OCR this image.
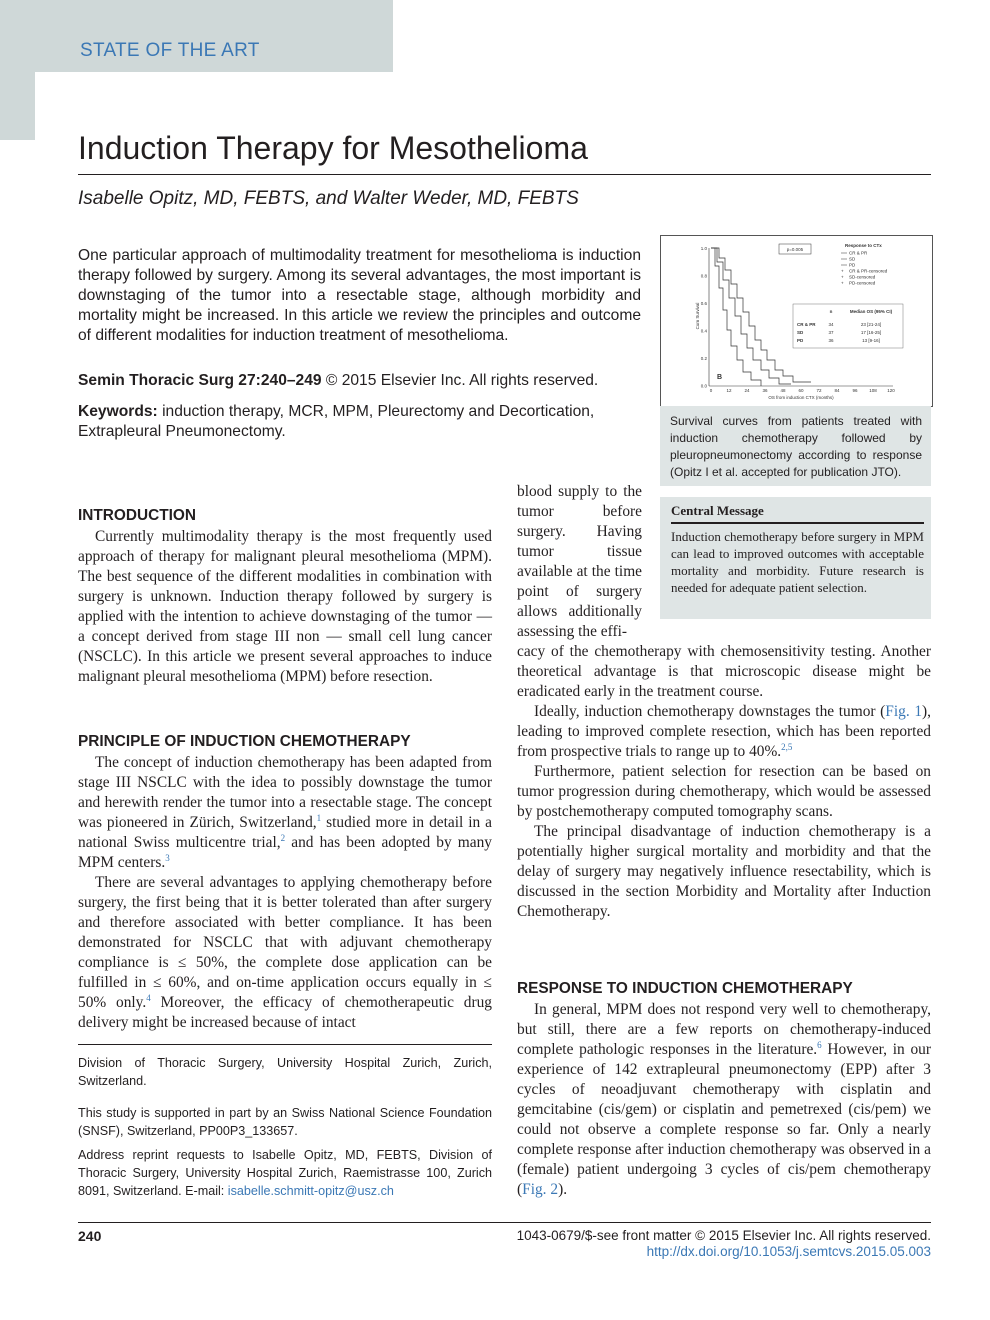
STATE OF THE ART
Induction Therapy for Mesothelioma
Isabelle Opitz, MD, FEBTS, and Walter Weder, MD, FEBTS
One particular approach of multimodality treatment for mesothelioma is induction therapy followed by surgery. Among its several advantages, the most important is downstaging of the tumor into a resectable stage, although morbidity and mortality might be increased. In this article we review the principles and outcome of different modalities for induction treatment of mesothelioma.
Semin Thoracic Surg 27:240–249 © 2015 Elsevier Inc. All rights reserved.
Keywords: induction therapy, MCR, MPM, Pleurectomy and Decortication, Extrapleural Pneumonectomy.
0.0
0.2
0.4
0.6
0.8
1.0
0	12	24	36	48	60	72	84	96	108 120
OS from induction CTX (months)
Cum Survival
p=0.005
Response to CTx
CR & PR
SD
PD
+ CR & PR-censored
+ SD-censored
+ PD-censored
n	Median OS (95% CI)
CR & PR	34	23 [21-24]
SD	37	17 [16-25]
PD	36	13 [9-16]
B
Survival curves from patients treated with induction chemotherapy followed by pleuropneumonectomy according to response (Opitz I et al. accepted for publication JTO).
Central Message
Induction chemotherapy before surgery in MPM can lead to improved outcomes with acceptable mortality and morbidity. Future research is needed for adequate patient selection.
INTRODUCTION

Currently multimodality therapy is the most frequently used approach of therapy for malignant pleural mesothelioma (MPM). The best sequence of the different modalities in combination with surgery is unknown. Induction therapy followed by surgery is applied with the intention to achieve downstaging of the tumor — a concept derived from stage III non — small cell lung cancer (NSCLC). In this article we present several approaches to induce malignant pleural mesothelioma (MPM) before resection.

PRINCIPLE OF INDUCTION CHEMOTHERAPY

The concept of induction chemotherapy has been adapted from stage III NSCLC with the idea to possibly downstage the tumor and herewith render the tumor into a resectable stage. The concept was pioneered in Zürich, Switzerland,$^1$ studied more in detail in a national Swiss multicentre trial,$^2$ and has been adopted by many MPM centers.$^3$

There are several advantages to applying chemotherapy before surgery, the first being that it is better tolerated than after surgery and therefore associated with better compliance. It has been demonstrated for NSCLC that with adjuvant chemotherapy compliance is ≤ 50%, the complete dose application can be fulfilled in ≤ 60%, and on-time application occurs equally in ≤ 50% only.$^4$ Moreover, the efficacy of chemotherapeutic drug delivery might be increased because of intact

Division of Thoracic Surgery, University Hospital Zurich, Zurich, Switzerland.
This study is supported in part by an Swiss National Science Foundation (SNSF), Switzerland, PP00P3_133657.
Address reprint requests to Isabelle Opitz, MD, FEBTS, Division of Thoracic Surgery, University Hospital Zurich, Raemistrasse 100, Zurich 8091, Switzerland. E-mail: isabelle.schmitt-opitz@usz.ch

blood supply to the tumor before surgery. Having tumor tissue available at the time point of surgery allows additionally assessing the effi-

cacy of the chemotherapy with chemosensitivity testing. Another theoretical advantage is that microscopic disease might be eradicated early in the treatment course.

Ideally, induction chemotherapy downstages the tumor (Fig. 1), leading to improved complete resection, which has been reported from prospective trials to range up to 40%.$^{2,5}$

Furthermore, patient selection for resection can be based on tumor progression during chemotherapy, which would be assessed by postchemotherapy computed tomography scans.

The principal disadvantage of induction chemotherapy is a potentially higher surgical mortality and morbidity and that the delay of surgery may negatively influence resectability, which is discussed in the section Morbidity and Mortality after Induction Chemotherapy.

RESPONSE TO INDUCTION CHEMOTHERAPY

In general, MPM does not respond very well to chemotherapy, but still, there are a few reports on chemotherapy-induced complete pathologic responses in the literature.$^6$ However, in our experience of 142 extrapleural pneumonectomy (EPP) after 3 cycles of neoadjuvant chemotherapy with cisplatin and gemcitabine (cis/gem) or cisplatin and pemetrexed (cis/pem) we could not observe a complete response so far. Only a nearly complete response after induction chemotherapy was observed in a (female) patient undergoing 3 cycles of cis/pem chemotherapy (Fig. 2).

240	1043-0679/$-see front matter © 2015 Elsevier Inc. All rights reserved.
http://dx.doi.org/10.1053/j.semtcvs.2015.05.003
